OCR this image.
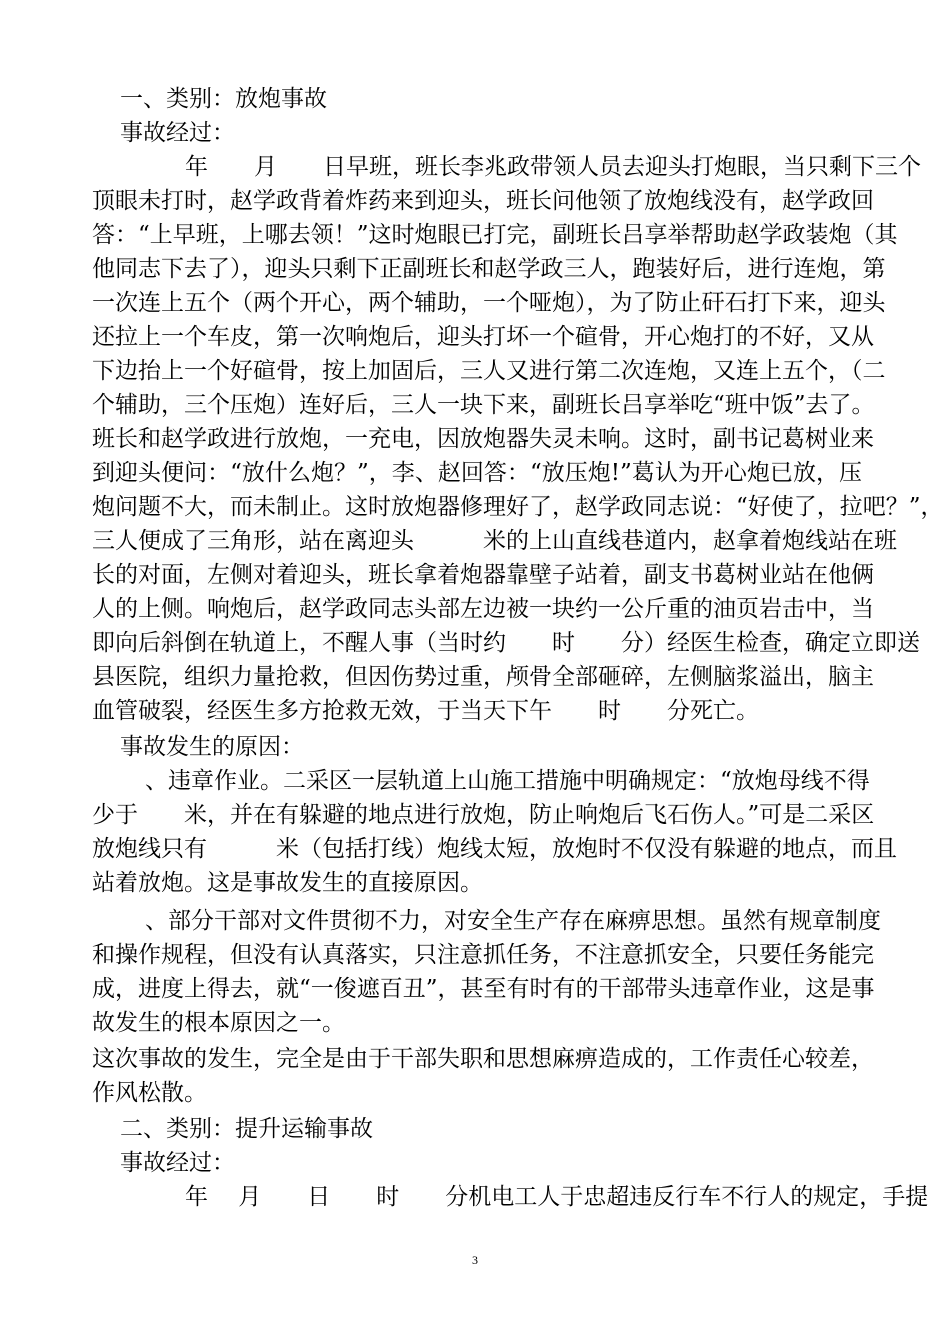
一、类别：放炮事故
事故经过：
年　　月　　日早班，班长李兆政带领人员去迎头打炮眼，当只剩下三个
顶眼未打时，赵学政背着炸药来到迎头，班长问他领了放炮线没有，赵学政回
答：“上早班，上哪去领！”这时炮眼已打完，副班长吕享举帮助赵学政装炮（其
他同志下去了），迎头只剩下正副班长和赵学政三人，跑装好后，进行连炮，第
一次连上五个（两个开心，两个辅助，一个哑炮），为了防止矸石打下来，迎头
还拉上一个车皮，第一次响炮后，迎头打坏一个碹骨，开心炮打的不好，又从
下边抬上一个好碹骨，按上加固后，三人又进行第二次连炮，又连上五个，（二
个辅助，三个压炮）连好后，三人一块下来，副班长吕享举吃“班中饭”去了。
班长和赵学政进行放炮，一充电，因放炮器失灵未响。这时，副书记葛树业来
到迎头便问：“放什么炮？”，李、赵回答：“放压炮!”葛认为开心炮已放，压
炮问题不大，而未制止。这时放炮器修理好了，赵学政同志说：“好使了，拉吧？”，
三人便成了三角形，站在离迎头　　　米的上山直线巷道内，赵拿着炮线站在班
长的对面，左侧对着迎头，班长拿着炮器靠壁子站着，副支书葛树业站在他俩
人的上侧。响炮后，赵学政同志头部左边被一块约一公斤重的油页岩击中，当
即向后斜倒在轨道上，不醒人事（当时约　　时　　分）经医生检查，确定立即送
县医院，组织力量抢救，但因伤势过重，颅骨全部砸碎，左侧脑浆溢出，脑主
血管破裂，经医生多方抢救无效，于当天下午　　时　　分死亡。
事故发生的原因：
、违章作业。二采区一层轨道上山施工措施中明确规定：“放炮母线不得
少于　　米，并在有躲避的地点进行放炮，防止响炮后飞石伤人。”可是二采区
放炮线只有　　　米（包括打线）炮线太短，放炮时不仅没有躲避的地点，而且
站着放炮。这是事故发生的直接原因。
、部分干部对文件贯彻不力，对安全生产存在麻痹思想。虽然有规章制度
和操作规程，但没有认真落实，只注意抓任务，不注意抓安全，只要任务能完
成，进度上得去，就“一俊遮百丑”，甚至有时有的干部带头违章作业，这是事
故发生的根本原因之一。
这次事故的发生，完全是由于干部失职和思想麻痹造成的，工作责任心较差，
作风松散。
二、类别：提升运输事故
事故经过：
年　 月　　日　　时　　分机电工人于忠超违反行车不行人的规定，手提
3
